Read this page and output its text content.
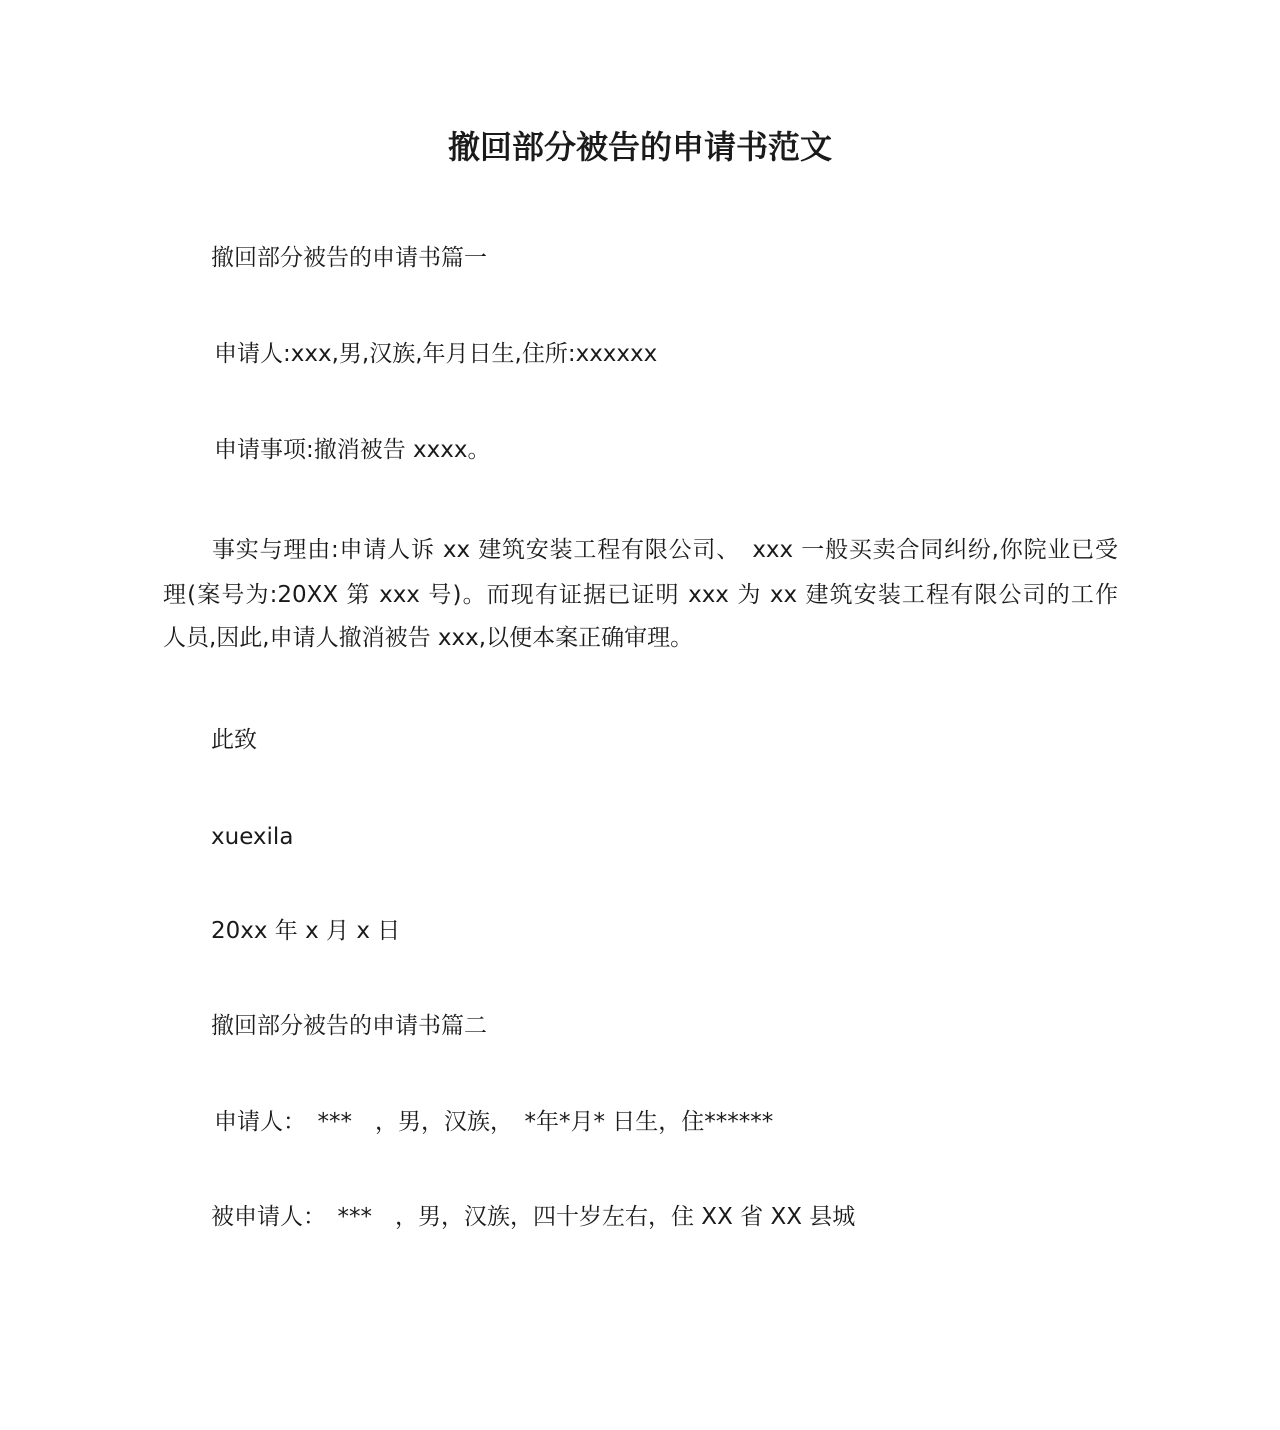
撤回部分被告的申请书范文
撤回部分被告的申请书篇一
申请人:xxx,男,汉族,年月日生,住所:xxxxxx
申请事项:撤消被告 xxxx。
事实与理由:申请人诉 xx 建筑安装工程有限公司、　xxx 一般买卖合同纠纷,你院业已受
理(案号为:20XX 第 xxx 号)。而现有证据已证明 xxx 为 xx 建筑安装工程有限公司的工作
人员,因此,申请人撤消被告 xxx,以便本案正确审理。
此致
xuexila
20xx 年 x 月 x 日
撤回部分被告的申请书篇二
申请人：　***　，男，汉族，　*年*月* 日生，住******
被申请人：　***　，男，汉族，四十岁左右，住 XX 省 XX 县城
